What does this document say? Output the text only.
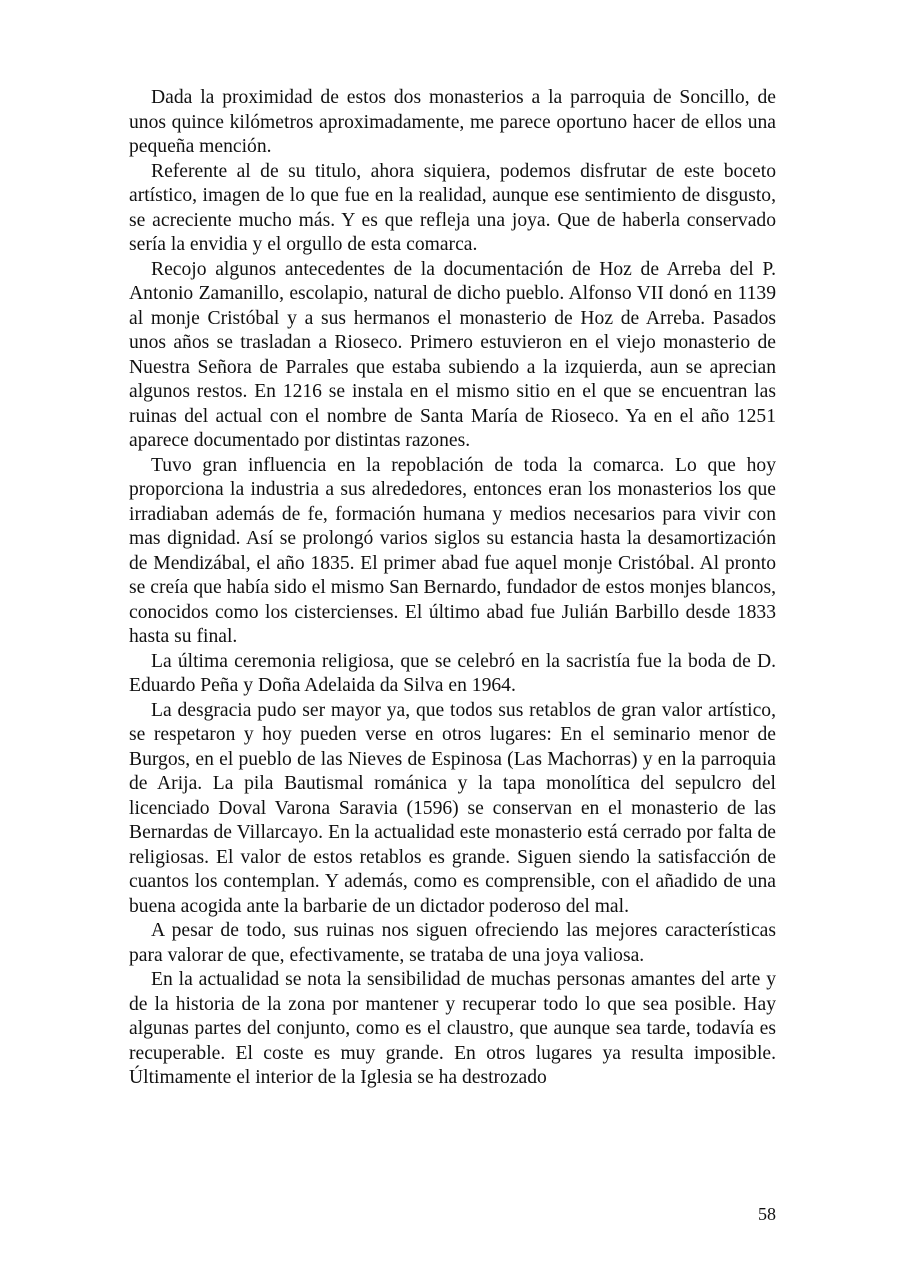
Dada la proximidad de estos dos monasterios a la parroquia de Soncillo, de unos quince kilómetros aproximadamente, me parece oportuno hacer de ellos una pequeña mención.

Referente al de su titulo, ahora siquiera, podemos disfrutar de este boceto artístico, imagen de lo que fue en la realidad, aunque ese sentimiento de disgusto, se acreciente mucho más. Y es que refleja una joya. Que de haberla conservado sería la envidia y el orgullo de esta comarca.

Recojo algunos antecedentes de la documentación de Hoz de Arreba del P. Antonio Zamanillo, escolapio, natural de dicho pueblo. Alfonso VII donó en 1139 al monje Cristóbal y a sus hermanos el monasterio de Hoz de Arreba. Pasados unos años se trasladan a Rioseco. Primero estuvieron en el viejo monasterio de Nuestra Señora de Parrales que estaba subiendo a la izquierda, aun se aprecian algunos restos. En 1216 se instala en el mismo sitio en el que se encuentran las ruinas del actual con el nombre de Santa María de Rioseco. Ya en el año 1251 aparece documentado por distintas razones.

Tuvo gran influencia en la repoblación de toda la comarca. Lo que hoy proporciona la industria a sus alrededores, entonces eran los monasterios los que irradiaban además de fe, formación humana y medios necesarios para vivir con mas dignidad. Así se prolongó varios siglos su estancia hasta la desamortización de Mendizábal, el año 1835. El primer abad fue aquel monje Cristóbal. Al pronto se creía que había sido el mismo San Bernardo, fundador de estos monjes blancos, conocidos como los cistercienses. El último abad fue Julián Barbillo desde 1833 hasta su final.

La última ceremonia religiosa, que se celebró en la sacristía fue la boda de D. Eduardo Peña y Doña Adelaida da Silva en 1964.

La desgracia pudo ser mayor ya, que todos sus retablos de gran valor artístico, se respetaron y hoy pueden verse en otros lugares: En el seminario menor de Burgos, en el pueblo de las Nieves de Espinosa (Las Machorras) y en la parroquia de Arija. La pila Bautismal románica y la tapa monolítica del sepulcro del licenciado Doval Varona Saravia (1596) se conservan en el monasterio de las Bernardas de Villarcayo. En la actualidad este monasterio está cerrado por falta de religiosas. El valor de estos retablos es grande. Siguen siendo la satisfacción de cuantos los contemplan. Y además, como es comprensible, con el añadido de una buena acogida ante la barbarie de un dictador poderoso del mal.

A pesar de todo, sus ruinas nos siguen ofreciendo las mejores características para valorar de que, efectivamente, se trataba de una joya valiosa.

En la actualidad se nota la sensibilidad de muchas personas amantes del arte y de la historia de la zona por mantener y recuperar todo lo que sea posible. Hay algunas partes del conjunto, como es el claustro, que aunque sea tarde, todavía es recuperable. El coste es muy grande. En otros lugares ya resulta imposible. Últimamente el interior de la Iglesia se ha destrozado

58
